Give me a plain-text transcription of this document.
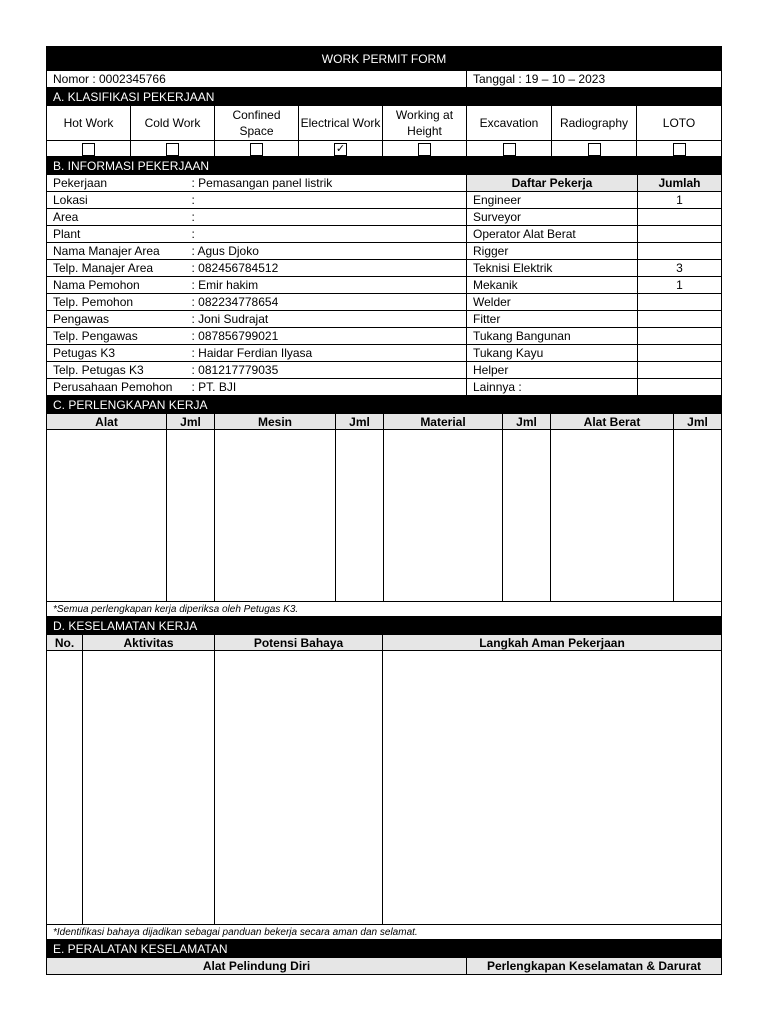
WORK PERMIT FORM
Nomor : 0002345766	Tanggal : 19 – 10 – 2023
A. KLASIFIKASI PEKERJAAN							
Hot Work	Cold Work	Confined Space	Electrical Work	Working at Height	Excavation	Radiography	LOTO
			✓				
B. INFORMASI PEKERJAAN			
Pekerjaan	: Pemasangan panel listrik	Daftar Pekerja	Jumlah
Lokasi	:	Engineer	1
Area	:	Surveyor	
Plant	:	Operator Alat Berat	
Nama Manajer Area	: Agus Djoko	Rigger	
Telp. Manajer Area	: 082456784512	Teknisi Elektrik	3
Nama Pemohon	: Emir hakim	Mekanik	1
Telp. Pemohon	: 082234778654	Welder	
Pengawas	: Joni Sudrajat	Fitter	
Telp. Pengawas	: 087856799021	Tukang Bangunan	
Petugas K3	: Haidar Ferdian Ilyasa	Tukang Kayu	
Telp. Petugas K3	: 081217779035	Helper	
Perusahaan Pemohon	: PT. BJI	Lainnya :	
C. PERLENGKAPAN KERJA							
Alat	Jml	Mesin	Jml	Material	Jml	Alat Berat	Jml

*Semua perlengkapan kerja diperiksa oleh Petugas K3.							
D. KESELAMATAN KERJA			
No.	Aktivitas	Potensi Bahaya	Langkah Aman Pekerjaan

*Identifikasi bahaya dijadikan sebagai panduan bekerja secara aman dan selamat.			
E. PERALATAN KESELAMATAN
Alat Pelindung Diri	Perlengkapan Keselamatan & Darurat
